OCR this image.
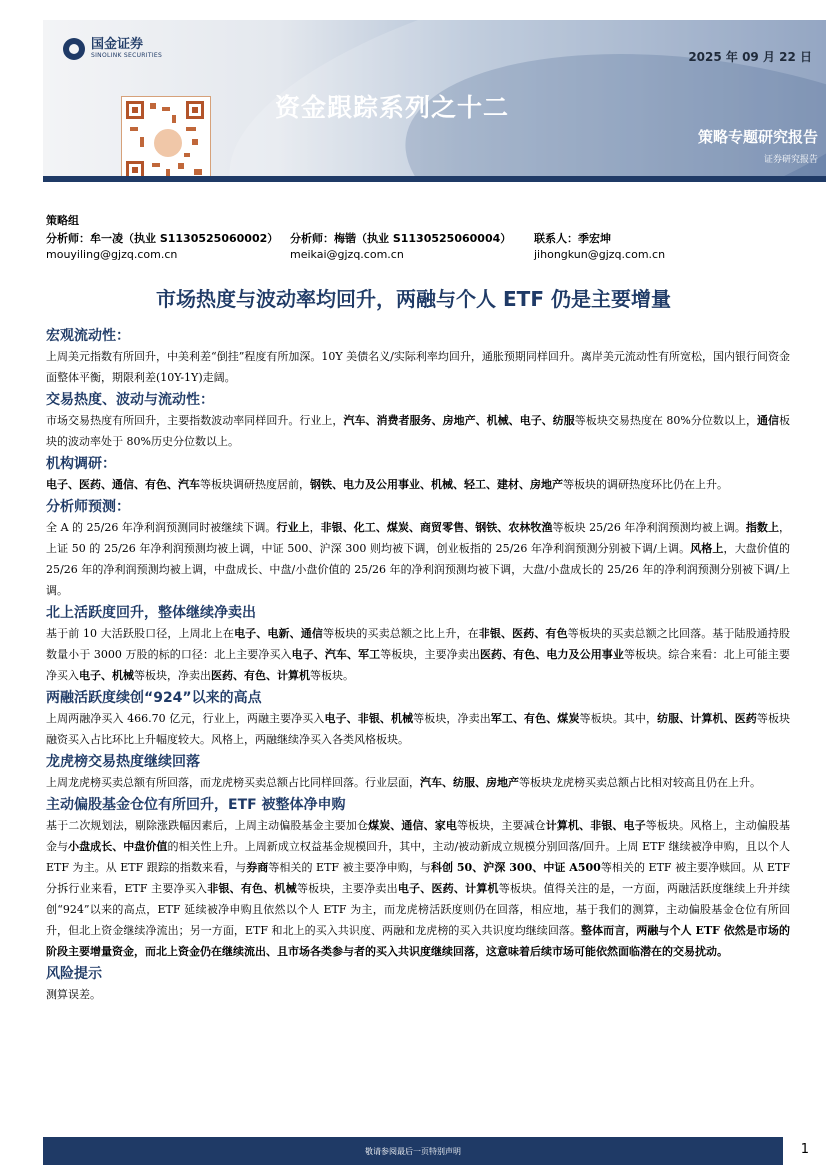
国金证券
SINOLINK SECURITIES	2025 年 09 月 22 日
资金跟踪系列之十二
策略专题研究报告
证券研究报告
策略组
分析师：牟一凌（执业 S1130525060002）	分析师：梅锴（执业 S1130525060004）	联系人：季宏坤
mouyiling@gjzq.com.cn	meikai@gjzq.com.cn	jihongkun@gjzq.com.cn
市场热度与波动率均回升，两融与个人 ETF 仍是主要增量
宏观流动性：

上周美元指数有所回升，中美利差“倒挂”程度有所加深。10Y 美债名义/实际利率均回升，通胀预期同样回升。离岸美元流动性有所宽松，国内银行间资金面整体平衡，期限利差(10Y-1Y)走阔。

交易热度、波动与流动性：

市场交易热度有所回升，主要指数波动率同样回升。行业上，汽车、消费者服务、房地产、机械、电子、纺服等板块交易热度在 80%分位数以上，通信板块的波动率处于 80%历史分位数以上。

机构调研：

电子、医药、通信、有色、汽车等板块调研热度居前，钢铁、电力及公用事业、机械、轻工、建材、房地产等板块的调研热度环比仍在上升。

分析师预测：

全 A 的 25/26 年净利润预测同时被继续下调。行业上，非银、化工、煤炭、商贸零售、钢铁、农林牧渔等板块 25/26 年净利润预测均被上调。指数上，上证 50 的 25/26 年净利润预测均被上调，中证 500、沪深 300 则均被下调，创业板指的 25/26 年净利润预测分别被下调/上调。风格上，大盘价值的 25/26 年的净利润预测均被上调，中盘成长、中盘/小盘价值的 25/26 年的净利润预测均被下调，大盘/小盘成长的 25/26 年的净利润预测分别被下调/上调。

北上活跃度回升，整体继续净卖出

基于前 10 大活跃股口径，上周北上在电子、电新、通信等板块的买卖总额之比上升，在非银、医药、有色等板块的买卖总额之比回落。基于陆股通持股数量小于 3000 万股的标的口径：北上主要净买入电子、汽车、军工等板块，主要净卖出医药、有色、电力及公用事业等板块。综合来看：北上可能主要净买入电子、机械等板块，净卖出医药、有色、计算机等板块。

两融活跃度续创“924”以来的高点

上周两融净买入 466.70 亿元，行业上，两融主要净买入电子、非银、机械等板块，净卖出军工、有色、煤炭等板块。其中，纺服、计算机、医药等板块融资买入占比环比上升幅度较大。风格上，两融继续净买入各类风格板块。

龙虎榜交易热度继续回落

上周龙虎榜买卖总额有所回落，而龙虎榜买卖总额占比同样回落。行业层面，汽车、纺服、房地产等板块龙虎榜买卖总额占比相对较高且仍在上升。

主动偏股基金仓位有所回升，ETF 被整体净申购

基于二次规划法，剔除涨跌幅因素后，上周主动偏股基金主要加仓煤炭、通信、家电等板块，主要减仓计算机、非银、电子等板块。风格上，主动偏股基金与小盘成长、中盘价值的相关性上升。上周新成立权益基金规模回升，其中，主动/被动新成立规模分别回落/回升。上周 ETF 继续被净申购，且以个人 ETF 为主。从 ETF 跟踪的指数来看，与券商等相关的 ETF 被主要净申购，与科创 50、沪深 300、中证 A500等相关的 ETF 被主要净赎回。从 ETF 分拆行业来看，ETF 主要净买入非银、有色、机械等板块，主要净卖出电子、医药、计算机等板块。值得关注的是，一方面，两融活跃度继续上升并续创“924”以来的高点，ETF 延续被净申购且依然以个人 ETF 为主，而龙虎榜活跃度则仍在回落，相应地，基于我们的测算，主动偏股基金仓位有所回升，但北上资金继续净流出；另一方面，ETF 和北上的买入共识度、两融和龙虎榜的买入共识度均继续回落。整体而言，两融与个人 ETF 依然是市场的阶段主要增量资金，而北上资金仍在继续流出、且市场各类参与者的买入共识度继续回落，这意味着后续市场可能依然面临潜在的交易扰动。

风险提示

测算误差。

敬请参阅最后一页特别声明	1
